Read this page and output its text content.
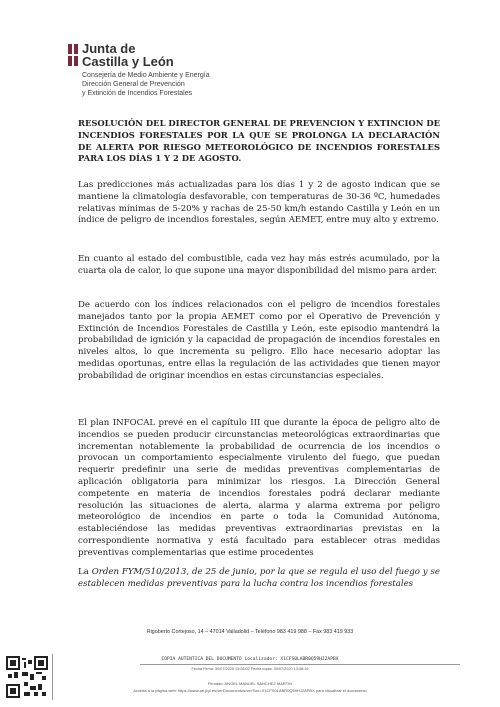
Junta de
Castilla y León
Consejería de Medio Ambiente y Energía
Dirección General de Prevención
y Extinción de Incendios Forestales
RESOLUCIÓN DEL DIRECTOR GENERAL DE PREVENCION Y EXTINCION DE INCENDIOS FORESTALES POR LA QUE SE PROLONGA LA DECLARACIÓN DE ALERTA POR RIESGO METEOROLÓGICO DE INCENDIOS FORESTALES PARA LOS DÍAS 1 Y 2 DE AGOSTO.

Las predicciones más actualizadas para los días 1 y 2 de agosto indican que se mantiene la climatología desfavorable, con temperaturas de 30-36 ºC, humedades relativas mínimas de 5-20% y rachas de 25-50 km/h estando Castilla y León en un índice de peligro de incendios forestales, según AEMET, entre muy alto y extremo.

En cuanto al estado del combustible, cada vez hay más estrés acumulado, por la cuarta ola de calor, lo que supone una mayor disponibilidad del mismo para arder.

De acuerdo con los índices relacionados con el peligro de incendios forestales manejados tanto por la propia AEMET como por el Operativo de Prevención y Extinción de Incendios Forestales de Castilla y León, este episodio mantendrá la probabilidad de ignición y la capacidad de propagación de incendios forestales en niveles altos, lo que incrementa su peligro. Ello hace necesario adoptar las medidas oportunas, entre ellas la regulación de las actividades que tienen mayor probabilidad de originar incendios en estas circunstancias especiales.

El plan INFOCAL prevé en el capítulo III que durante la época de peligro alto de incendios se pueden producir circunstancias meteorológicas extraordinarias que incrementan notablemente la probabilidad de ocurrencia de los incendios o provocan un comportamiento especialmente virulento del fuego, que puedan requerir predefinir una serie de medidas preventivas complementarias de aplicación obligatoria para minimizar los riesgos. La Dirección General competente en materia de incendios forestales podrá declarar mediante resolución las situaciones de alerta, alarma y alarma extrema por peligro meteorológico de incendios en parte o toda la Comunidad Autónoma, estableciéndose las medidas preventivas extraordinarias previstas en la correspondiente normativa y está facultado para establecer otras medidas preventivas complementarias que estime procedentes

La Orden FYM/510/2013, de 25 de junio, por la que se regula el uso del fuego y se establecen medidas preventivas para la lucha contra los incendios forestales

Rigoberto Cortejoso, 14 – 47014 Valladolid – Teléfono 983 419 988 – Fax 983 419 933
COPIA AUTENTICA DEL DOCUMENTO Localizador: X1CFS0LABR0Q59HJ2APBX
Fecha Firma: 30/07/2020 13:28:02 Fecha copia: 30/07/2020 13:38:16
Firmado: ANGEL MANUEL SANCHEZ MARTIN
Acceda a la página web: https://www.ae.jcyl.es/verDocumentos/ver?loc=X1CFS0LABR0Q59HJ2APBX para visualizar el documento
